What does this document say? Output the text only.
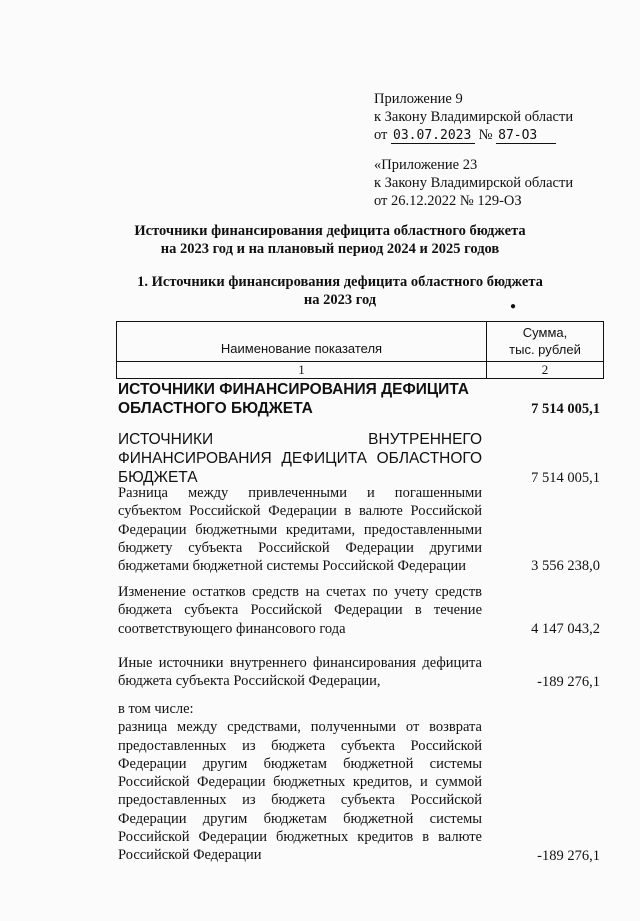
Приложение 9
к Закону Владимирской области
от 03.07.2023 № 87-ОЗ
«Приложение 23
к Закону Владимирской области
от 26.12.2022 № 129-ОЗ
Источники финансирования дефицита областного бюджета
на 2023 год и на плановый период 2024 и 2025 годов
1. Источники финансирования дефицита областного бюджета
на 2023 год	●
Наименование показателя
Сумма,
тыс. рублей
1	2
ИСТОЧНИКИ ФИНАНСИРОВАНИЯ ДЕФИЦИТА
ОБЛАСТНОГО БЮДЖЕТА	7 514 005,1
ИСТОЧНИКИ ВНУТРЕННЕГО ФИНАНСИРОВАНИЯ ДЕФИЦИТА ОБЛАСТНОГО БЮДЖЕТА	7 514 005,1
Разница между привлеченными и погашенными субъектом Российской Федерации в валюте Российской Федерации бюджетными кредитами, предоставленными бюджету субъекта Российской Федерации другими бюджетами бюджетной системы Российской Федерации	3 556 238,0
Изменение остатков средств на счетах по учету средств бюджета субъекта Российской Федерации в течение соответствующего финансового года	4 147 043,2
Иные источники внутреннего финансирования дефицита бюджета субъекта Российской Федерации,	-189 276,1
в том числе:
разница между средствами, полученными от возврата предоставленных из бюджета субъекта Российской Федерации другим бюджетам бюджетной системы Российской Федерации бюджетных кредитов, и суммой предоставленных из бюджета субъекта Российской Федерации другим бюджетам бюджетной системы Российской Федерации бюджетных кредитов в валюте Российской Федерации	-189 276,1
